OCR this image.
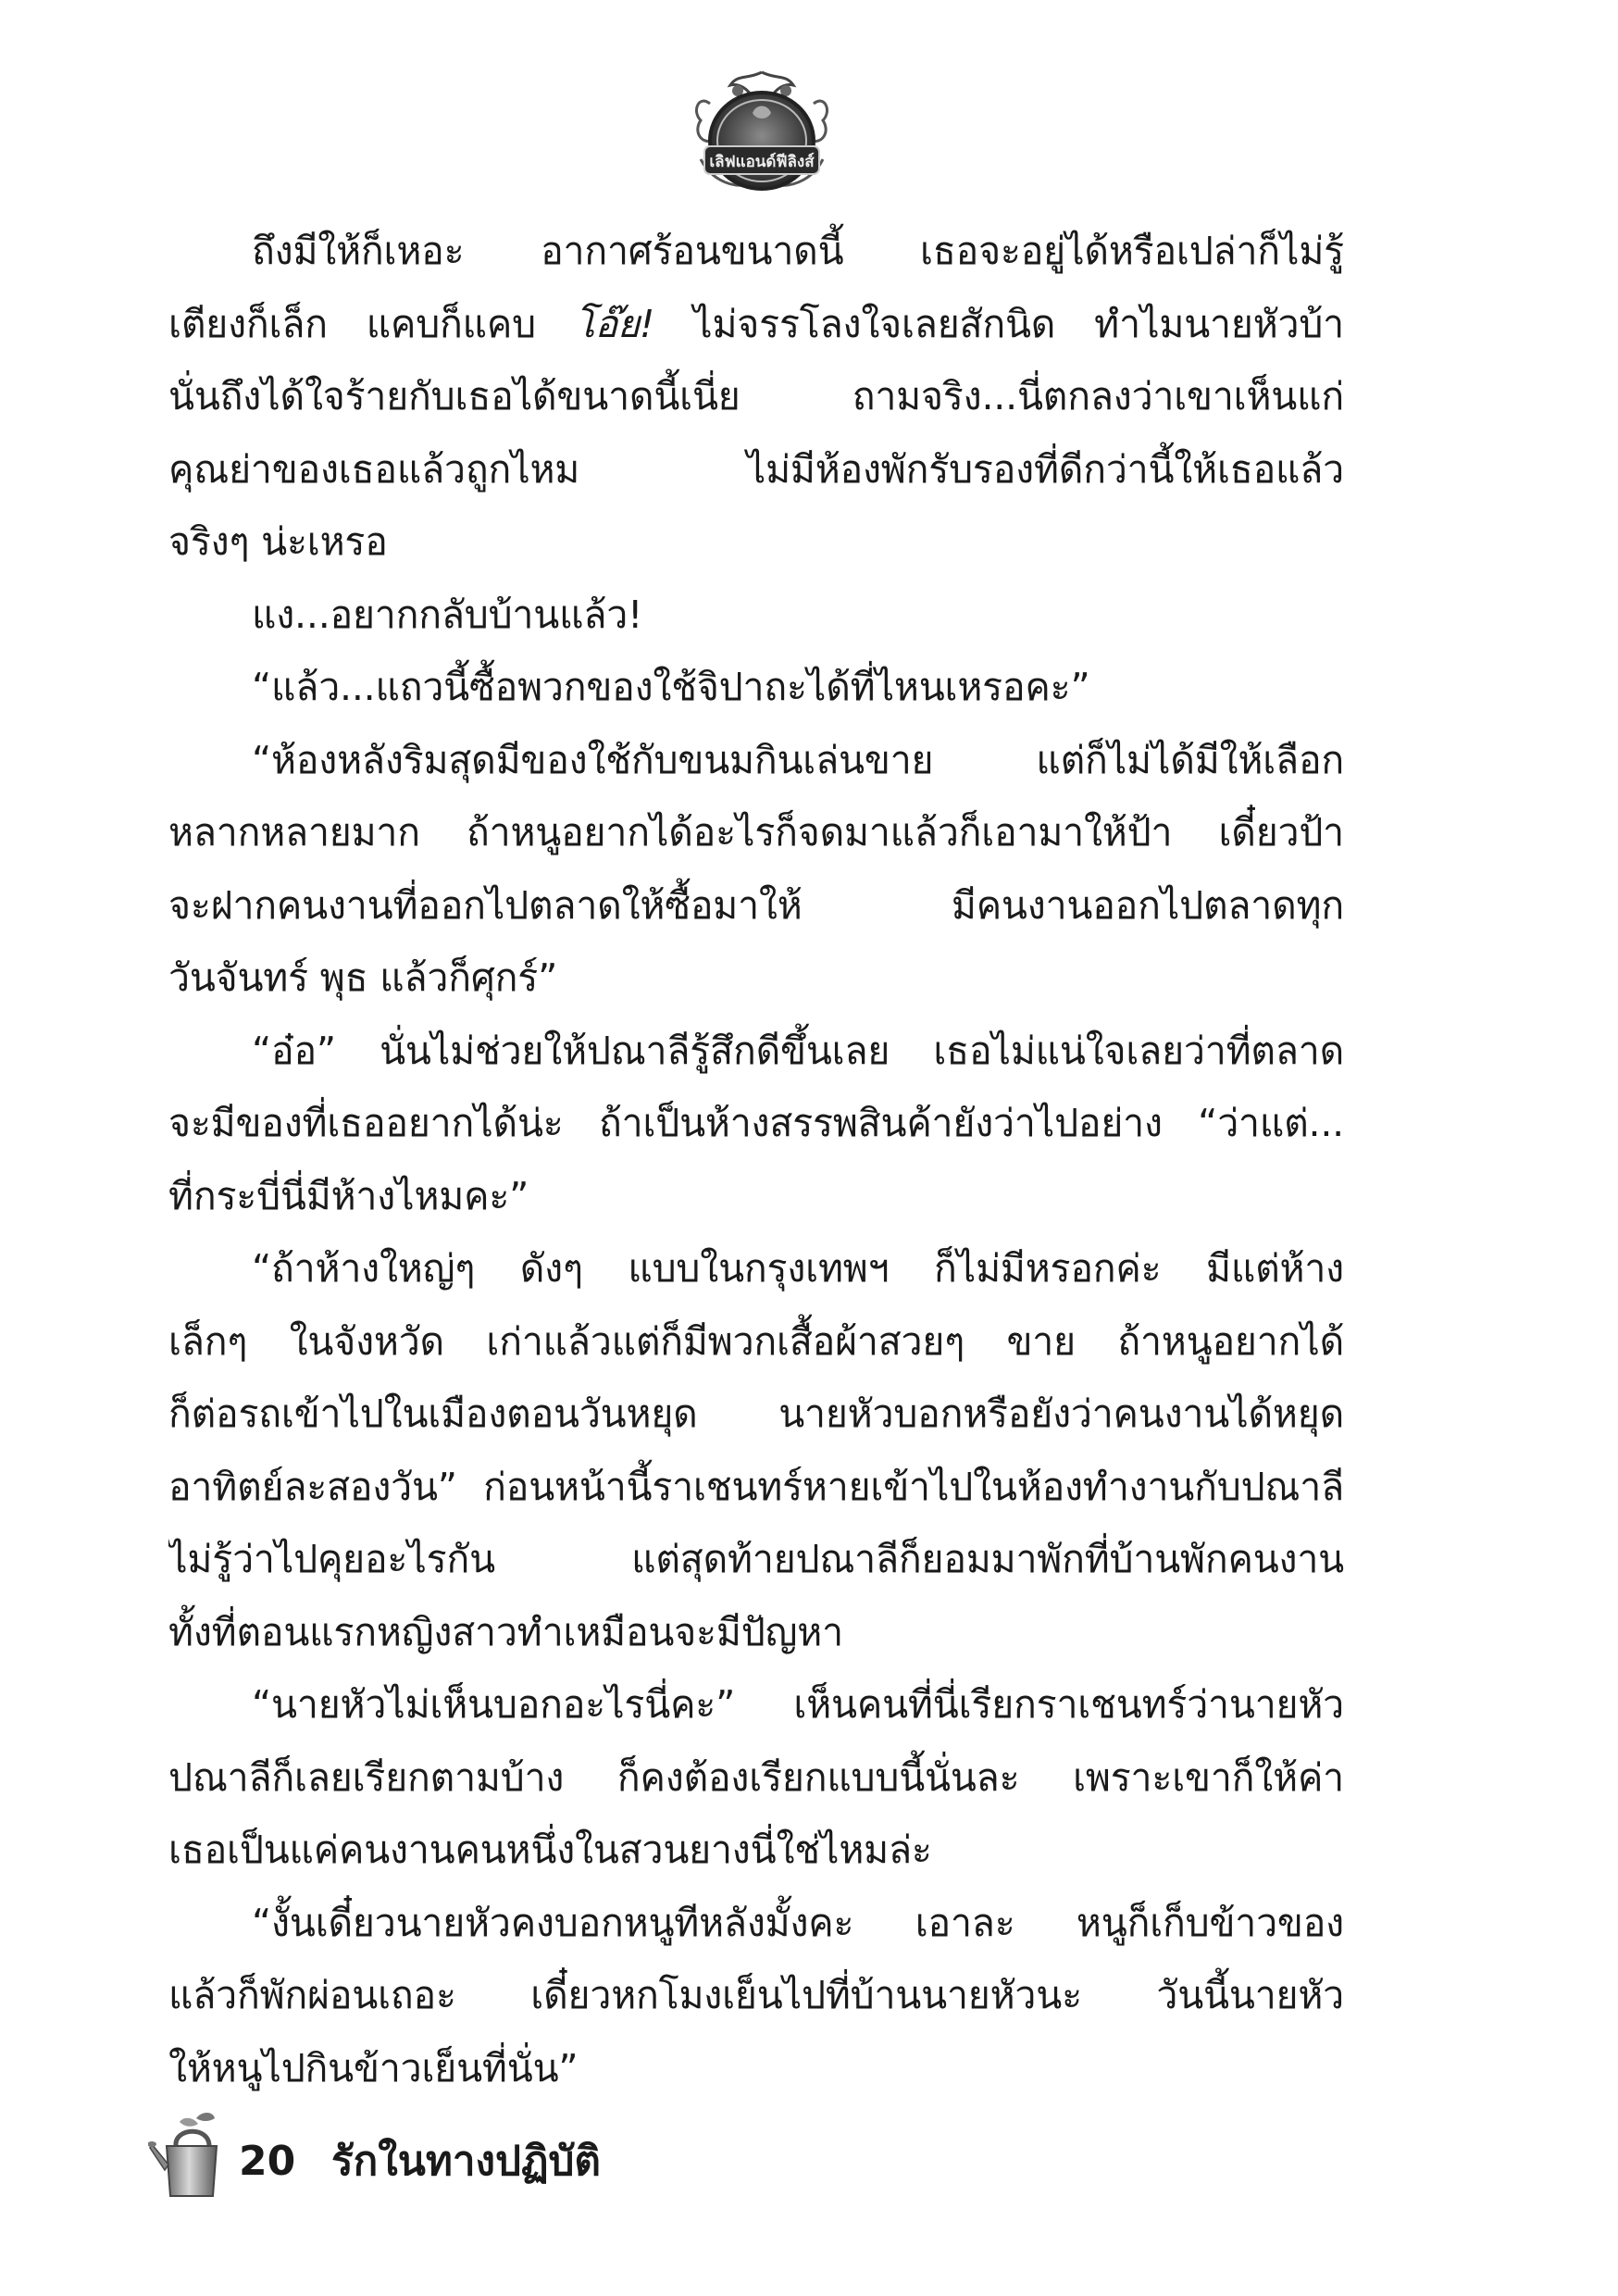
เลิฟแอนด์ฟีลิงส์
ถึงมีให้ก็เหอะ อากาศร้อนขนาดนี้ เธอจะอยู่ได้หรือเปล่าก็ไม่รู้
เตียงก็เล็ก แคบก็แคบ โอ๊ย! ไม่จรรโลงใจเลยสักนิด ทำไมนายหัวบ้า
นั่นถึงได้ใจร้ายกับเธอได้ขนาดนี้เนี่ย ถามจริง...นี่ตกลงว่าเขาเห็นแก่
คุณย่าของเธอแล้วถูกไหม ไม่มีห้องพักรับรองที่ดีกว่านี้ให้เธอแล้ว
จริงๆ น่ะเหรอ
แง...อยากกลับบ้านแล้ว!
“แล้ว...แถวนี้ซื้อพวกของใช้จิปาถะได้ที่ไหนเหรอคะ”
“ห้องหลังริมสุดมีของใช้กับขนมกินเล่นขาย แต่ก็ไม่ได้มีให้เลือก
หลากหลายมาก ถ้าหนูอยากได้อะไรก็จดมาแล้วก็เอามาให้ป้า เดี๋ยวป้า
จะฝากคนงานที่ออกไปตลาดให้ซื้อมาให้ มีคนงานออกไปตลาดทุก
วันจันทร์ พุธ แล้วก็ศุกร์”
“อ๋อ” นั่นไม่ช่วยให้ปณาลีรู้สึกดีขึ้นเลย เธอไม่แน่ใจเลยว่าที่ตลาด
จะมีของที่เธออยากได้น่ะ ถ้าเป็นห้างสรรพสินค้ายังว่าไปอย่าง “ว่าแต่...
ที่กระบี่นี่มีห้างไหมคะ”
“ถ้าห้างใหญ่ๆ ดังๆ แบบในกรุงเทพฯ ก็ไม่มีหรอกค่ะ มีแต่ห้าง
เล็กๆ ในจังหวัด เก่าแล้วแต่ก็มีพวกเสื้อผ้าสวยๆ ขาย ถ้าหนูอยากได้
ก็ต่อรถเข้าไปในเมืองตอนวันหยุด นายหัวบอกหรือยังว่าคนงานได้หยุด
อาทิตย์ละสองวัน” ก่อนหน้านี้ราเชนทร์หายเข้าไปในห้องทำงานกับปณาลี
ไม่รู้ว่าไปคุยอะไรกัน แต่สุดท้ายปณาลีก็ยอมมาพักที่บ้านพักคนงาน
ทั้งที่ตอนแรกหญิงสาวทำเหมือนจะมีปัญหา
“นายหัวไม่เห็นบอกอะไรนี่คะ” เห็นคนที่นี่เรียกราเชนทร์ว่านายหัว
ปณาลีก็เลยเรียกตามบ้าง ก็คงต้องเรียกแบบนี้นั่นละ เพราะเขาก็ให้ค่า
เธอเป็นแค่คนงานคนหนึ่งในสวนยางนี่ใช่ไหมล่ะ
“งั้นเดี๋ยวนายหัวคงบอกหนูทีหลังมั้งคะ เอาละ หนูก็เก็บข้าวของ
แล้วก็พักผ่อนเถอะ เดี๋ยวหกโมงเย็นไปที่บ้านนายหัวนะ วันนี้นายหัว
ให้หนูไปกินข้าวเย็นที่นั่น”
20 รักในทางปฏิบัติ
